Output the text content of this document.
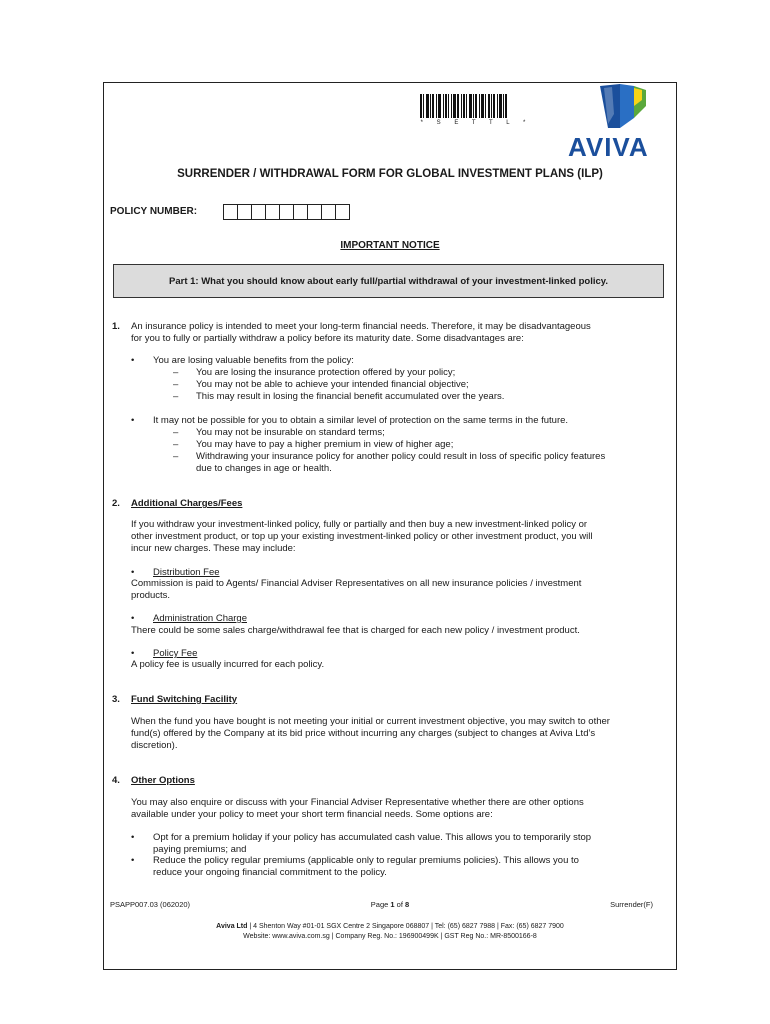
* S E T T L *
AVIVA
SURRENDER / WITHDRAWAL FORM FOR GLOBAL INVESTMENT PLANS (ILP)
POLICY NUMBER:
IMPORTANT NOTICE
Part 1: What you should know about early full/partial withdrawal of your investment-linked policy.
1. An insurance policy is intended to meet your long-term financial needs. Therefore, it may be disadvantageous
for you to fully or partially withdraw a policy before its maturity date. Some disadvantages are:
• You are losing valuable benefits from the policy:
– You are losing the insurance protection offered by your policy;
– You may not be able to achieve your intended financial objective;
– This may result in losing the financial benefit accumulated over the years.
• It may not be possible for you to obtain a similar level of protection on the same terms in the future.
– You may not be insurable on standard terms;
– You may have to pay a higher premium in view of higher age;
– Withdrawing your insurance policy for another policy could result in loss of specific policy features
due to changes in age or health.
2. Additional Charges/Fees
If you withdraw your investment-linked policy, fully or partially and then buy a new investment-linked policy or
other investment product, or top up your existing investment-linked policy or other investment product, you will
incur new charges. These may include:
• Distribution Fee
Commission is paid to Agents/ Financial Adviser Representatives on all new insurance policies / investment
products.
• Administration Charge
There could be some sales charge/withdrawal fee that is charged for each new policy / investment product.
• Policy Fee
A policy fee is usually incurred for each policy.
3. Fund Switching Facility
When the fund you have bought is not meeting your initial or current investment objective, you may switch to other
fund(s) offered by the Company at its bid price without incurring any charges (subject to changes at Aviva Ltd’s
discretion).
4. Other Options
You may also enquire or discuss with your Financial Adviser Representative whether there are other options
available under your policy to meet your short term financial needs. Some options are:
• Opt for a premium holiday if your policy has accumulated cash value. This allows you to temporarily stop
paying premiums; and
• Reduce the policy regular premiums (applicable only to regular premiums policies). This allows you to
reduce your ongoing financial commitment to the policy.
PSAPP007.03 (062020)	Page 1 of 8	Surrender(F)
Aviva Ltd | 4 Shenton Way #01-01 SGX Centre 2 Singapore 068807 | Tel: (65) 6827 7988 | Fax: (65) 6827 7900
Website: www.aviva.com.sg | Company Reg. No.: 196900499K | GST Reg No.: MR-8500166-8
